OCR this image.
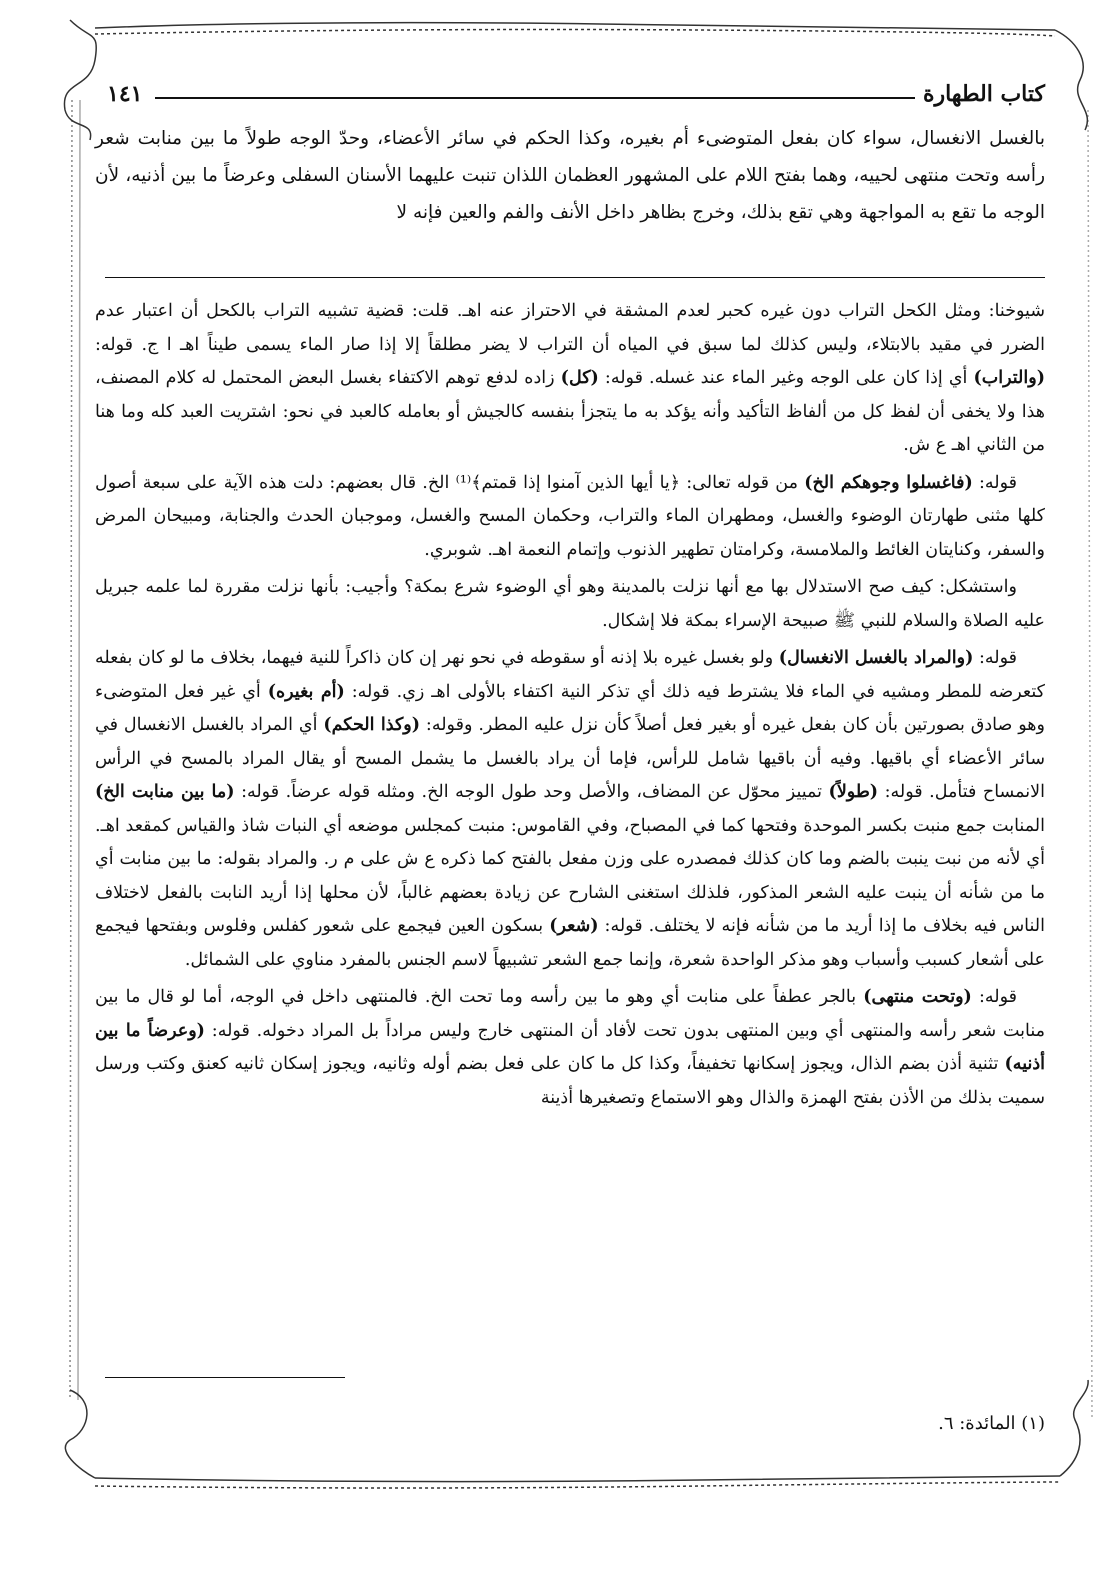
كتاب الطهارة
١٤١
بالغسل الانغسال، سواء كان بفعل المتوضىء أم بغيره، وكذا الحكم في سائر الأعضاء، وحدّ الوجه طولاً ما بين منابت شعر رأسه وتحت منتهى لحييه، وهما بفتح اللام على المشهور العظمان اللذان تنبت عليهما الأسنان السفلى وعرضاً ما بين أذنيه، لأن الوجه ما تقع به المواجهة وهي تقع بذلك، وخرج بظاهر داخل الأنف والفم والعين فإنه لا

شيوخنا: ومثل الكحل التراب دون غيره كحبر لعدم المشقة في الاحتراز عنه اهـ. قلت: قضية تشبيه التراب بالكحل أن اعتبار عدم الضرر في مقيد بالابتلاء، وليس كذلك لما سبق في المياه أن التراب لا يضر مطلقاً إلا إذا صار الماء يسمى طيناً اهـ ا ج. قوله: (والتراب) أي إذا كان على الوجه وغير الماء عند غسله. قوله: (كل) زاده لدفع توهم الاكتفاء بغسل البعض المحتمل له كلام المصنف، هذا ولا يخفى أن لفظ كل من ألفاظ التأكيد وأنه يؤكد به ما يتجزأ بنفسه كالجيش أو بعامله كالعبد في نحو: اشتريت العبد كله وما هنا من الثاني اهـ ع ش.

قوله: (فاغسلوا وجوهكم الخ) من قوله تعالى: ﴿يا أيها الذين آمنوا إذا قمتم﴾⁽¹⁾ الخ. قال بعضهم: دلت هذه الآية على سبعة أصول كلها مثنى طهارتان الوضوء والغسل، ومطهران الماء والتراب، وحكمان المسح والغسل، وموجبان الحدث والجنابة، ومبيحان المرض والسفر، وكنايتان الغائط والملامسة، وكرامتان تطهير الذنوب وإتمام النعمة اهـ. شوبري.

واستشكل: كيف صح الاستدلال بها مع أنها نزلت بالمدينة وهو أي الوضوء شرع بمكة؟ وأجيب: بأنها نزلت مقررة لما علمه جبريل عليه الصلاة والسلام للنبي ﷺ صبيحة الإسراء بمكة فلا إشكال.

قوله: (والمراد بالغسل الانغسال) ولو بغسل غيره بلا إذنه أو سقوطه في نحو نهر إن كان ذاكراً للنية فيهما، بخلاف ما لو كان بفعله كتعرضه للمطر ومشيه في الماء فلا يشترط فيه ذلك أي تذكر النية اكتفاء بالأولى اهـ زي. قوله: (أم بغيره) أي غير فعل المتوضىء وهو صادق بصورتين بأن كان بفعل غيره أو بغير فعل أصلاً كأن نزل عليه المطر. وقوله: (وكذا الحكم) أي المراد بالغسل الانغسال في سائر الأعضاء أي باقيها. وفيه أن باقيها شامل للرأس، فإما أن يراد بالغسل ما يشمل المسح أو يقال المراد بالمسح في الرأس الانمساح فتأمل. قوله: (طولاً) تمييز محوّل عن المضاف، والأصل وحد طول الوجه الخ. ومثله قوله عرضاً. قوله: (ما بين منابت الخ) المنابت جمع منبت بكسر الموحدة وفتحها كما في المصباح، وفي القاموس: منبت كمجلس موضعه أي النبات شاذ والقياس كمقعد اهـ. أي لأنه من نبت ينبت بالضم وما كان كذلك فمصدره على وزن مفعل بالفتح كما ذكره ع ش على م ر. والمراد بقوله: ما بين منابت أي ما من شأنه أن ينبت عليه الشعر المذكور، فلذلك استغنى الشارح عن زيادة بعضهم غالباً، لأن محلها إذا أريد النابت بالفعل لاختلاف الناس فيه بخلاف ما إذا أريد ما من شأنه فإنه لا يختلف. قوله: (شعر) بسكون العين فيجمع على شعور كفلس وفلوس وبفتحها فيجمع على أشعار كسبب وأسباب وهو مذكر الواحدة شعرة، وإنما جمع الشعر تشبيهاً لاسم الجنس بالمفرد مناوي على الشمائل.

قوله: (وتحت منتهى) بالجر عطفاً على منابت أي وهو ما بين رأسه وما تحت الخ. فالمنتهى داخل في الوجه، أما لو قال ما بين منابت شعر رأسه والمنتهى أي وبين المنتهى بدون تحت لأفاد أن المنتهى خارج وليس مراداً بل المراد دخوله. قوله: (وعرضاً ما بين أذنيه) تثنية أذن بضم الذال، ويجوز إسكانها تخفيفاً، وكذا كل ما كان على فعل بضم أوله وثانيه، ويجوز إسكان ثانيه كعنق وكتب ورسل سميت بذلك من الأذن بفتح الهمزة والذال وهو الاستماع وتصغيرها أذينة

(١) المائدة: ٦.
